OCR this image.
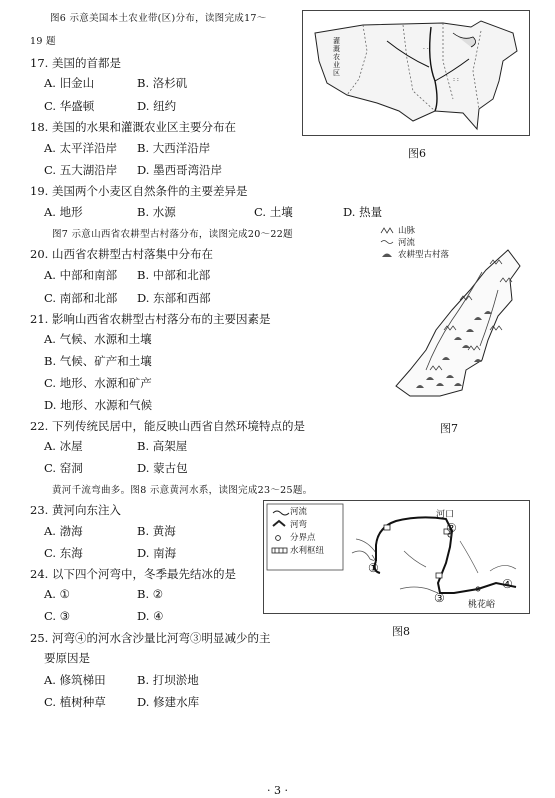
图6 示意美国本土农业带(区)分布，读图完成17～
19 题
17. 美国的首都是
A. 旧金山	B. 洛杉矶
C. 华盛顿	D. 纽约
18. 美国的水果和灌溉农业区主要分布在
A. 太平洋沿岸 B. 大西洋沿岸
C. 五大湖沿岸 D. 墨西哥湾沿岸
19. 美国两个小麦区自然条件的主要差异是
A. 地形	B. 水源	C. 土壤	D. 热量
· ·
: :
灌溉农业区
图6
图7 示意山西省农耕型古村落分布，读图完成20～22题
20. 山西省农耕型古村落集中分布在
A. 中部和南部 B. 中部和北部
C. 南部和北部 D. 东部和西部
21. 影响山西省农耕型古村落分布的主要因素是
A. 气候、水源和土壤
B. 气候、矿产和土壤
C. 地形、水源和矿产
D. 地形、水源和气候
22. 下列传统民居中，能反映山西省自然环境特点的是
A. 冰屋	B. 高架屋
C. 窑洞	D. 蒙古包
山脉
河流
农耕型古村落
图7
黄河千流弯曲多。图8 示意黄河水系，读图完成23～25题。
23. 黄河向东注入
A. 渤海	B. 黄海
C. 东海	D. 南海
24. 以下四个河弯中，冬季最先结冰的是
A. ①	B. ②
C. ③	D. ④
25. 河弯④的河水含沙量比河弯③明显减少的主
要原因是
A. 修筑梯田	B. 打坝淤地
C. 植树种草	D. 修建水库
河流
河弯
分界点
水利枢纽
河口
桃花峪
①
②
③
④
图8
· 3 ·
